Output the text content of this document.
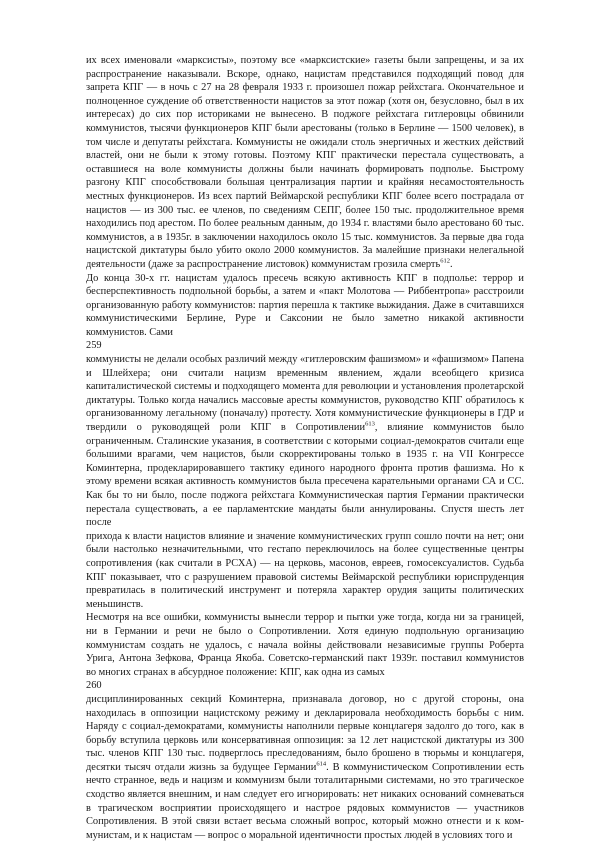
их всех именовали «марксисты», поэтому все «марксистские» газеты были запрещены, и за их
распространение наказывали. Вскоре, однако, нацистам представился подходящий повод для
запрета КПГ — в ночь с 27 на 28 февраля 1933 г. произошел пожар рейхстага. Окончательное и
полноценное суждение об ответственности нацистов за этот пожар (хотя он, безусловно, был в их
интересах) до сих пор историками не вынесено. В поджоге рейхстага гитлеровцы обвинили
коммунистов, тысячи функционеров КПГ были арестованы (только в Берлине — 1500 человек), в
том числе и депутаты рейхстага. Коммунисты не ожидали столь энергичных и жестких действий
властей, они не были к этому готовы. Поэтому КПГ практически перестала существовать, а
оставшиеся на воле коммунисты должны были начинать формировать подполье. Быстрому
разгону КПГ способствовали большая централизация партии и крайняя несамостоятельность
местных функционеров. Из всех партий Веймарской республики КПГ более всего пострадала от
нацистов — из 300 тыс. ее членов, по сведениям СЕПГ, более 150 тыс. продолжительное время
находились под арестом. По более реальным данным, до 1934 г. властями было арестовано 60 тыс.
коммунистов, а в 1935г. в заключении находилось около 15 тыс. коммунистов. За первые два года
нацистской диктатуры было убито около 2000 коммунистов. За малейшие признаки нелегальной
деятельности (даже за распространение листовок) коммунистам грозила смерть$^{612}$.
До конца 30-х гг. нацистам удалось пресечь всякую активность КПГ в подполье: террор и
бесперспективность подпольной борьбы, а затем и «пакт Молотова — Риббентропа» расстроили
организованную работу коммунистов: партия перешла к тактике выжидания. Даже в считавшихся
коммунистическими Берлине, Руре и Саксонии не было заметно никакой активности
коммунистов. Сами
259
коммунисты не делали особых различий между «гитлеровским фашизмом» и «фашизмом» Папена
и Шлейхера; они считали нацизм временным явлением, ждали всеобщего кризиса
капиталистической системы и подходящего момента для революции и установления пролетарской
диктатуры. Только когда начались массовые аресты коммунистов, руководство КПГ обратилось к
организованному легальному (поначалу) протесту. Хотя коммунистические функционеры в ГДР и
твердили о руководящей роли КПГ в Сопротивлении$^{613}$, влияние коммунистов было
ограниченным. Сталинские указания, в соответствии с которыми социал-демократов считали еще
большими врагами, чем нацистов, были скорректированы только в 1935 г. на VII Конгрессе
Коминтерна, продекларировавшего тактику единого народного фронта против фашизма. Но к
этому времени всякая активность коммунистов была пресечена карательными органами СА и СС.
Как бы то ни было, после поджога рейхстага Коммунистическая партия Германии практически
перестала существовать, а ее парламентские мандаты были аннулированы. Спустя шесть лет после
прихода к власти нацистов влияние и значение коммунистических групп сошло почти на нет; они
были настолько незначительными, что гестапо переключилось на более существенные центры
сопротивления (как считали в РСХА) — на церковь, масонов, евреев, гомосексуалистов. Судьба
КПГ показывает, что с разрушением правовой системы Веймарской республики юриспруденция
превратилась в политический инструмент и потеряла характер орудия защиты политических
меньшинств.
Несмотря на все ошибки, коммунисты вынесли террор и пытки уже тогда, когда ни за границей,
ни в Германии и речи не было о Сопротивлении. Хотя единую подпольную организацию
коммунистам создать не удалось, с начала войны действовали независимые группы Роберта
Урига, Антона Зефкова, Франца Якоба. Советско-германский пакт 1939г. поставил коммунистов
во многих странах в абсурдное положение: КПГ, как одна из самых
260
дисциплинированных секций Коминтерна, признавала договор, но с другой стороны, она
находилась в оппозиции нацистскому режиму и декларировала необходимость борьбы с ним.
Наряду с социал-демократами, коммунисты наполнили первые концлагеря задолго до того, как в
борьбу вступила церковь или консервативная оппозиция: за 12 лет нацистской диктатуры из 300
тыс. членов КПГ 130 тыс. подверглось преследованиям, было брошено в тюрьмы и концлагеря,
десятки тысяч отдали жизнь за будущее Германии$^{614}$. В коммунистическом Сопротивлении есть
нечто странное, ведь и нацизм и коммунизм были тоталитарными системами, но это трагическое
сходство является внешним, и нам следует его игнорировать: нет никаких оснований сомневаться
в трагическом восприятии происходящего и настрое рядовых коммунистов — участников
Сопротивления. В этой связи встает весьма сложный вопрос, который можно отнести и к ком-
мунистам, и к нацистам — вопрос о моральной идентичности простых людей в условиях того и
